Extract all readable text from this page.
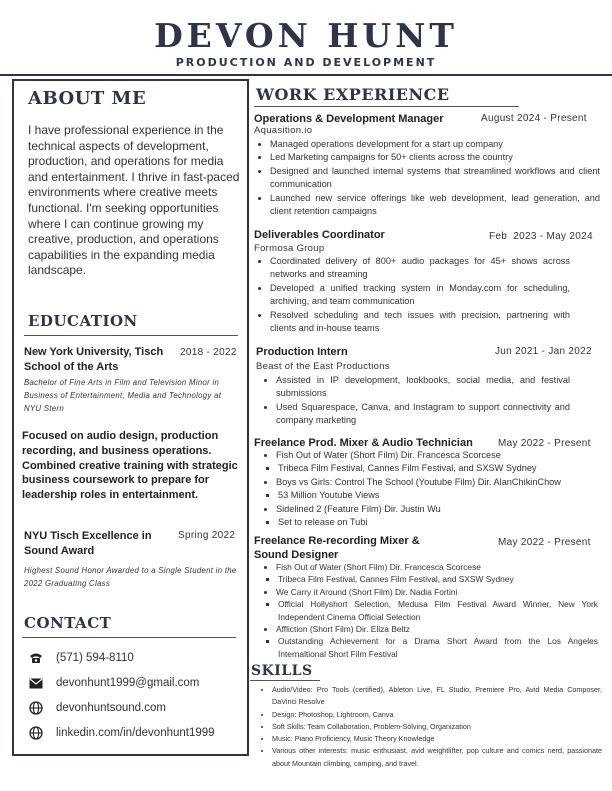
DEVON HUNT
PRODUCTION AND DEVELOPMENT
ABOUT ME
I have professional experience in the technical aspects of development, production, and operations for media and entertainment. I thrive in fast-paced environments where creative meets functional. I'm seeking opportunities where I can continue growing my creative, production, and operations capabilities in the expanding media landscape.
EDUCATION
New York University, Tisch School of the Arts
2018 - 2022
Bachelor of Fine Arts in Film and Television Minor in Business of Entertainment, Media and Technology at NYU Stern
Focused on audio design, production recording, and business operations. Combined creative training with strategic business coursework to prepare for leadership roles in entertainment.
NYU Tisch Excellence in Sound Award
Spring 2022
Highest Sound Honor Awarded to a Single Student in the 2022 Graduating Class
CONTACT
(571) 594-8110
devonhunt1999@gmail.com
devonhuntsound.com
linkedin.com/in/devonhunt1999
WORK EXPERIENCE
Operations & Development Manager	August 2024 - Present
Aquasition.io
• Managed operations development for a start up company
• Led Marketing campaigns for 50+ clients across the country
• Designed and launched internal systems that streamlined workflows and client communication
• Launched new service offerings like web development, lead generation, and client retention campaigns
Deliverables Coordinator	Feb  2023 - May 2024
Formosa Group
• Coordinated delivery of 800+ audio packages for 45+ shows across networks and streaming
• Developed a unified tracking system in Monday.com for scheduling, archiving, and team communication
• Resolved scheduling and tech issues with precision, partnering with clients and in-house teams
Production Intern	Jun 2021 - Jan 2022
Beast of the East Productions
• Assisted in IP development, lookbooks, social media, and festival submissions
• Used Squarespace, Canva, and Instagram to support connectivity and company marketing
Freelance Prod. Mixer & Audio Technician	May 2022 - Present
• Fish Out of Water (Short Film) Dir. Francesca Scorcese
▪ Tribeca Film Festival, Cannes Film Festival, and SXSW Sydney
• Boys vs Girls: Control The School (Youtube Film) Dir. AlanChikinChow
▪ 53 Million Youtube Views
• Sidelined 2 (Feature Film) Dir. Justin Wu
▪ Set to release on Tubi
Freelance Re-recording Mixer & Sound Designer
May 2022 - Present
• Fish Out of Water (Short Film) Dir. Francesca Scorcese
▪ Tribeca Film Festival, Cannes Film Festival, and SXSW Sydney
• We Carry it Around (Short Film) Dir. Nadia Fortini
▪ Official Hollyshort Selection, Medusa Film Festival Award Winner, New York Independent Cinema Official Selection
• Affliction (Short Film) Dir. Eliza Beltz
▪ Outstanding Achievement for a Drama Short Award from the Los Angeles Internaltional Short Film Festival
SKILLS
• Audio/Video: Pro Tools (certified), Ableton Live, FL Studio, Premiere Pro, Avid Media Composer, DaVinci Resolve
• Design: Photoshop, Lightroom, Canva
• Soft Skills: Team Collaboration, Problem-Solving, Organization
• Music: Piano Proficiency, Music Theory Knowledge
• Various other interests: music enthusiast, avid weightlifter, pop culture and comics nerd, passionate about Mountain climbing, camping, and travel.
